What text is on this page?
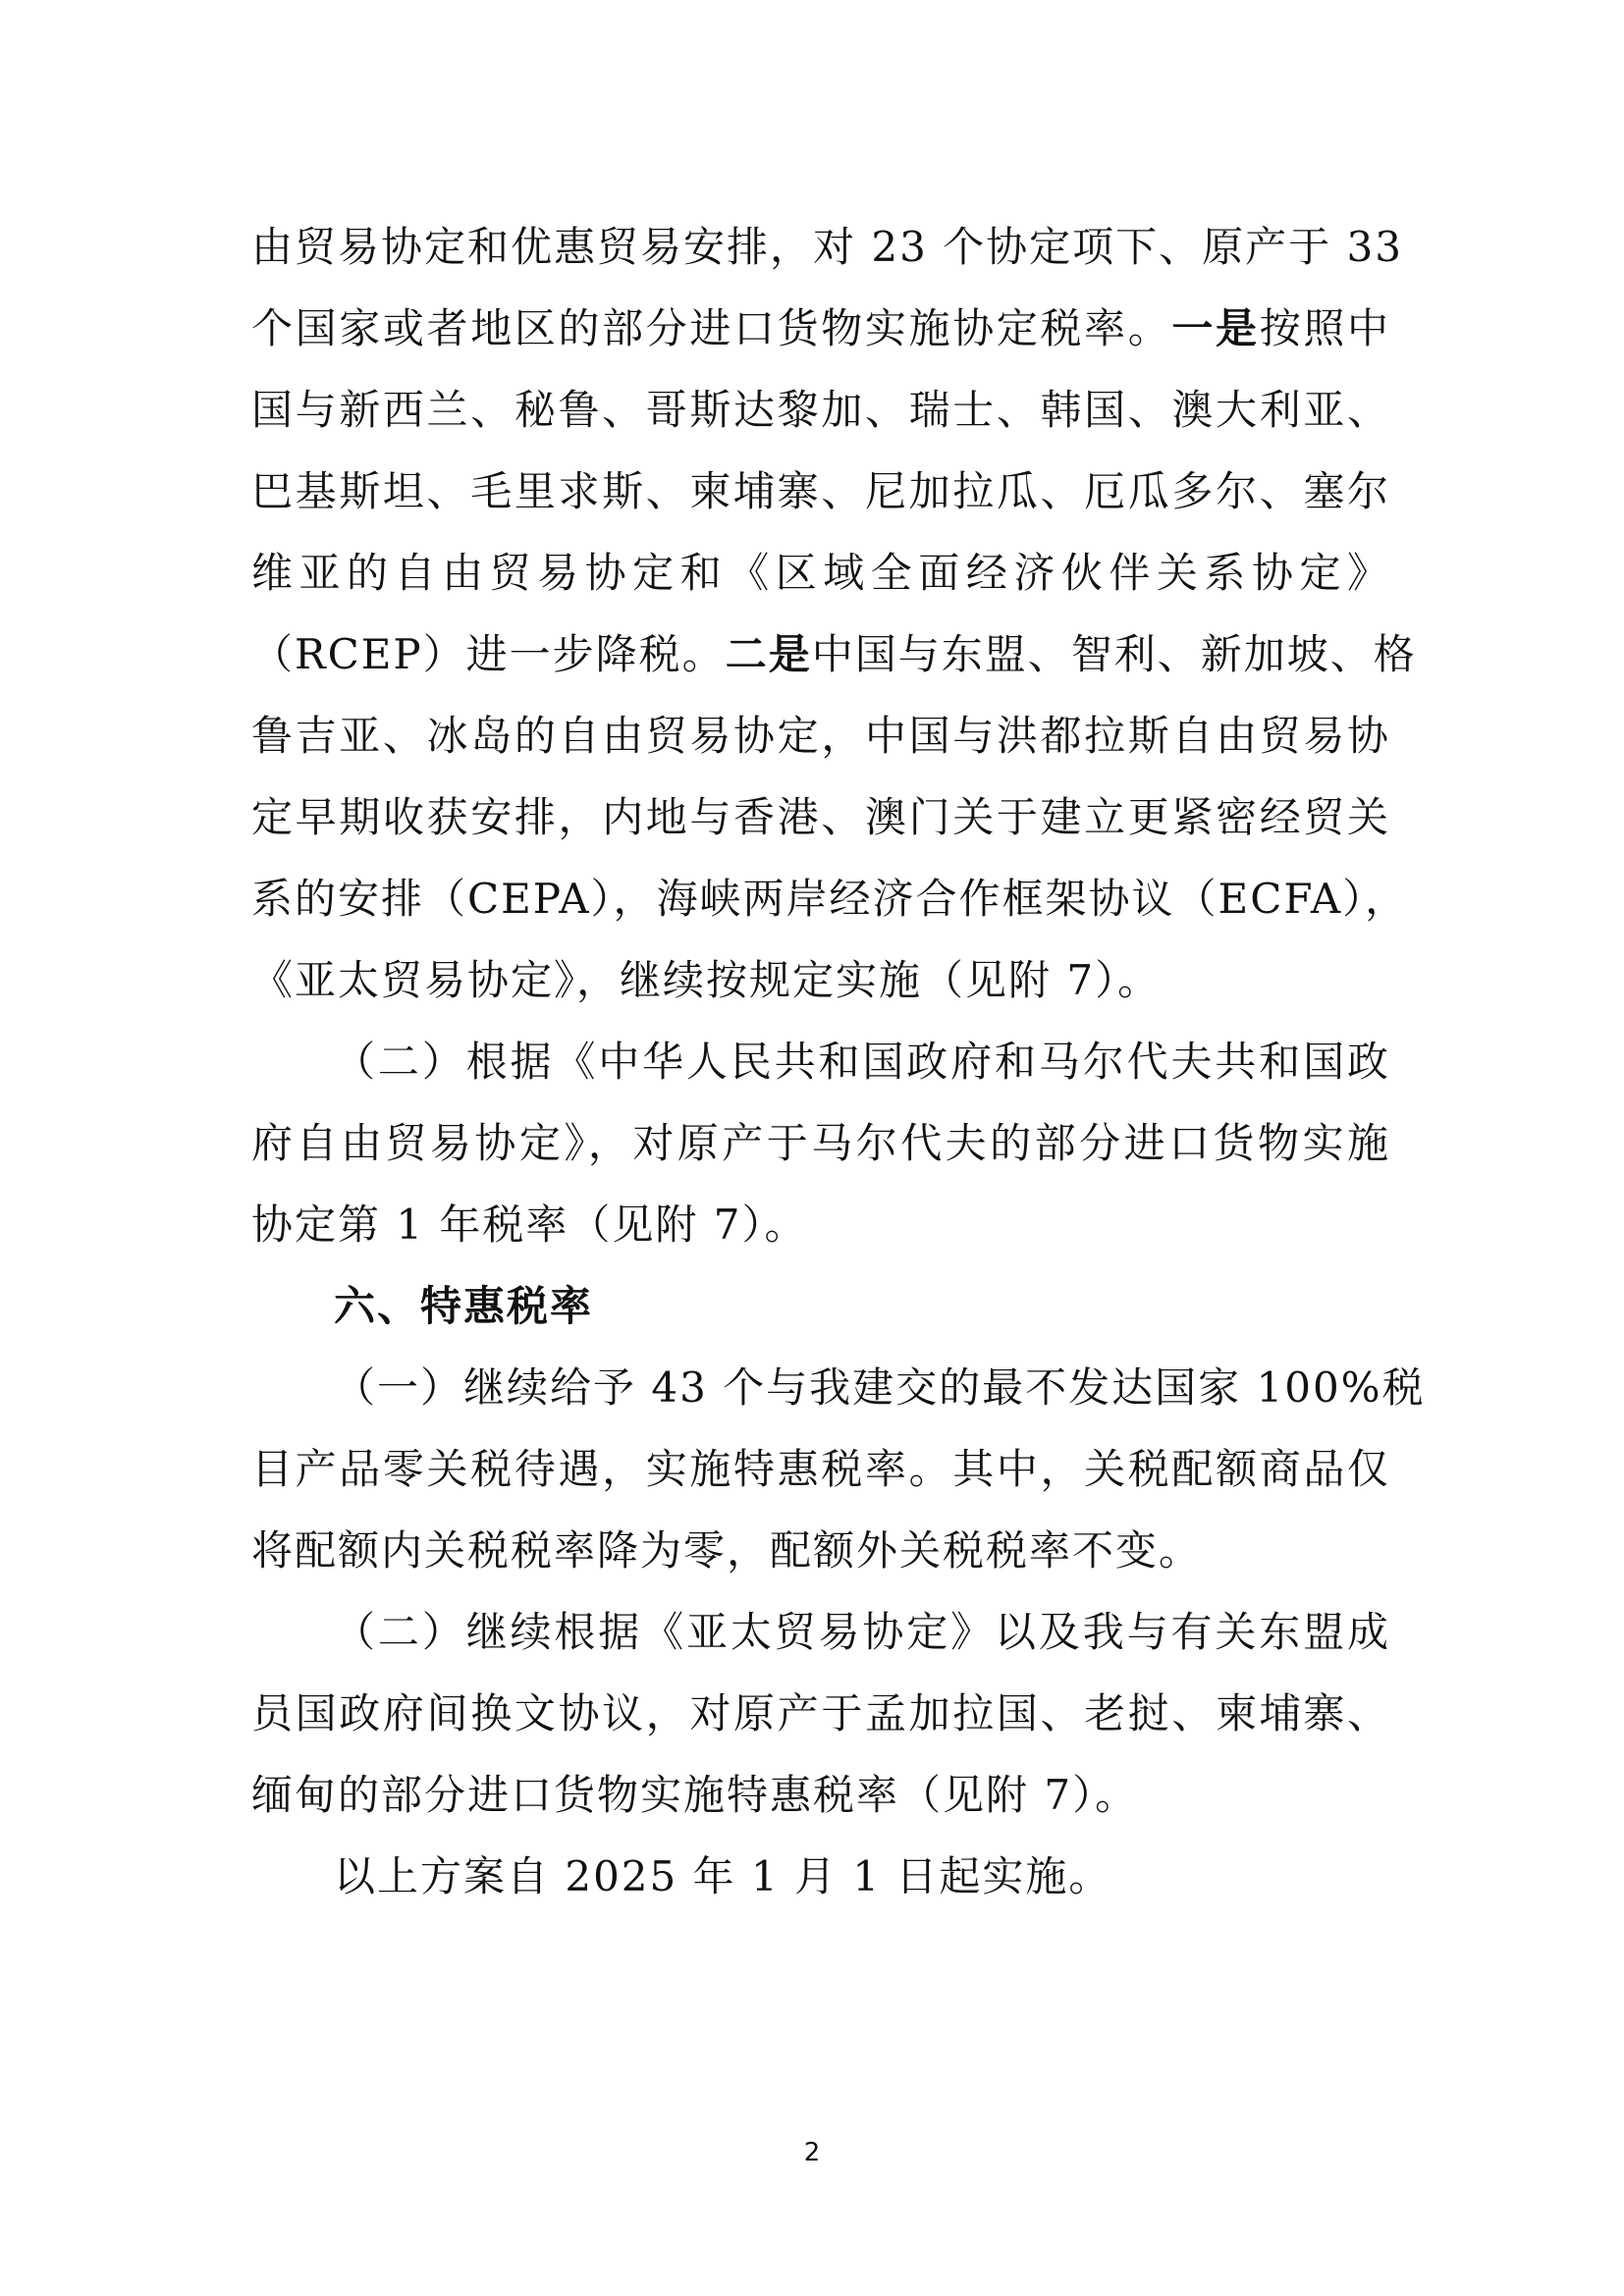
由贸易协定和优惠贸易安排，对 23 个协定项下、原产于 33
个国家或者地区的部分进口货物实施协定税率。一是按照中
国与新西兰、秘鲁、哥斯达黎加、瑞士、韩国、澳大利亚、
巴基斯坦、毛里求斯、柬埔寨、尼加拉瓜、厄瓜多尔、塞尔
维亚的自由贸易协定和《区域全面经济伙伴关系协定》
（RCEP）进一步降税。二是中国与东盟、智利、新加坡、格
鲁吉亚、冰岛的自由贸易协定，中国与洪都拉斯自由贸易协
定早期收获安排，内地与香港、澳门关于建立更紧密经贸关
系的安排（CEPA），海峡两岸经济合作框架协议（ECFA），
《亚太贸易协定》，继续按规定实施（见附 7）。
（二）根据《中华人民共和国政府和马尔代夫共和国政
府自由贸易协定》，对原产于马尔代夫的部分进口货物实施
协定第 1 年税率（见附 7）。
六、特惠税率
（一）继续给予 43 个与我建交的最不发达国家 100%税
目产品零关税待遇，实施特惠税率。其中，关税配额商品仅
将配额内关税税率降为零，配额外关税税率不变。
（二）继续根据《亚太贸易协定》以及我与有关东盟成
员国政府间换文协议，对原产于孟加拉国、老挝、柬埔寨、
缅甸的部分进口货物实施特惠税率（见附 7）。
以上方案自 2025 年 1 月 1 日起实施。
2
